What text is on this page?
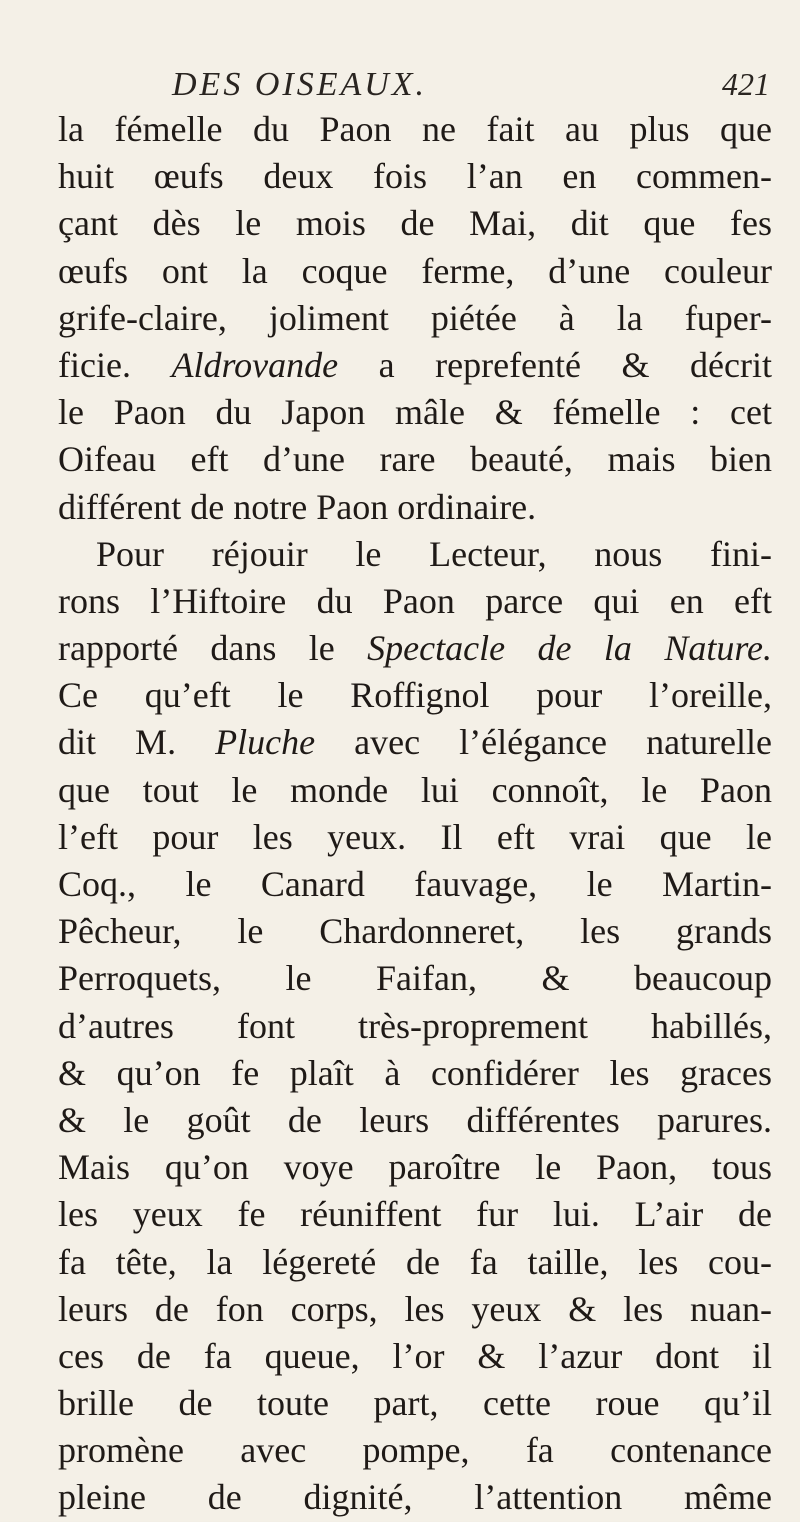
DES OISEAUX.	421
la fémelle du Paon ne fait au plus que
huit œufs deux fois l’an en commen-
çant dès le mois de Mai, dit que fes
œufs ont la coque ferme, d’une couleur
grife-claire, joliment piétée à la fuper-
ficie. Aldrovande a reprefenté & décrit
le Paon du Japon mâle & fémelle : cet
Oifeau eft d’une rare beauté, mais bien
différent de notre Paon ordinaire.
Pour réjouir le Lecteur, nous fini-
rons l’Hiftoire du Paon parce qui en eft
rapporté dans le Spectacle de la Nature.
Ce qu’eft le Roffignol pour l’oreille,
dit M. Pluche avec l’élégance naturelle
que tout le monde lui connoît, le Paon
l’eft pour les yeux. Il eft vrai que le
Coq., le Canard fauvage, le Martin-
Pêcheur, le Chardonneret, les grands
Perroquets, le Faifan, & beaucoup
d’autres font très-proprement habillés,
& qu’on fe plaît à confidérer les graces
& le goût de leurs différentes parures.
Mais qu’on voye paroître le Paon, tous
les yeux fe réuniffent fur lui. L’air de
fa tête, la légereté de fa taille, les cou-
leurs de fon corps, les yeux & les nuan-
ces de fa queue, l’or & l’azur dont il
brille de toute part, cette roue qu’il
promène avec pompe, fa contenance
pleine de dignité, l’attention même
